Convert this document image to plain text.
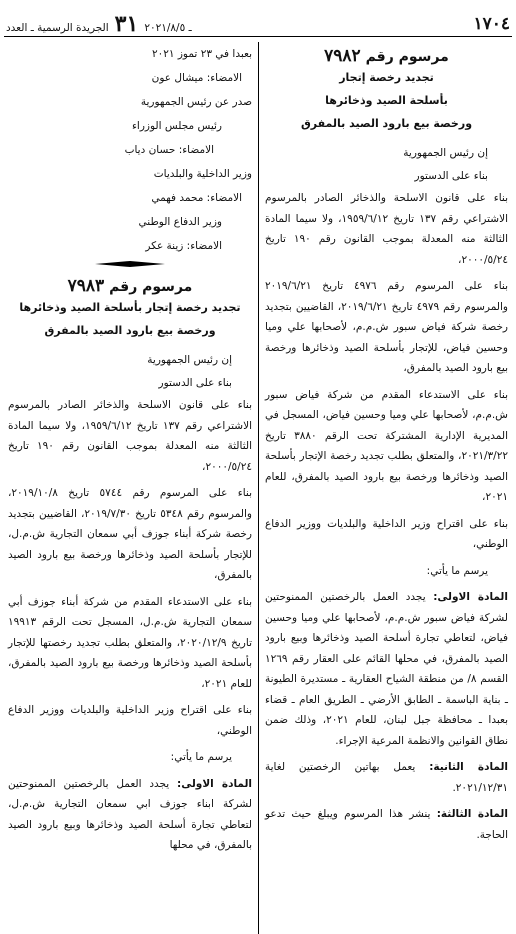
١٧٠٤
ـ ٢٠٢١/٨/٥
٣١
الجريدة الرسمية ـ العدد
مرسوم رقم ٧٩٨٢
تجديد رخصة إتجار
بأسلحة الصيد وذخائرها
ورخصة بيع بارود الصيد بالمفرق
إن رئيس الجمهورية
بناء على الدستور
بناء على قانون الاسلحة والذخائر الصادر بالمرسوم الاشتراعي رقم ١٣٧ تاريخ ١٩٥٩/٦/١٢، ولا سيما المادة الثالثة منه المعدلة بموجب القانون رقم ١٩٠ تاريخ ٢٠٠٠/٥/٢٤،
بناء على المرسوم رقم ٤٩٧٦ تاريخ ٢٠١٩/٦/٢١ والمرسوم رقم ٤٩٧٩ تاريخ ٢٠١٩/٦/٢١، القاضيين بتجديد رخصة شركة فياض سبور ش.م.م، لأصحابها علي وميا وحسين فياض، للإتجار بأسلحة الصيد وذخائرها ورخصة بيع بارود الصيد بالمفرق،
بناء على الاستدعاء المقدم من شركة فياض سبور ش.م.م، لأصحابها علي وميا وحسين فياض، المسجل في المديرية الإدارية المشتركة تحت الرقم ٣٨٨٠ تاريخ ٢٠٢١/٣/٢٢، والمتعلق بطلب تجديد رخصة الإتجار بأسلحة الصيد وذخائرها ورخصة بيع بارود الصيد بالمفرق، للعام ٢٠٢١،
بناء على اقتراح وزير الداخلية والبلديات ووزير الدفاع الوطني،
يرسم ما يأتي:
المادة الاولى: يجدد العمل بالرخصتين الممنوحتين لشركة فياض سبور ش.م.م، لأصحابها علي وميا وحسين فياض، لتعاطي تجارة أسلحة الصيد وذخائرها وبيع بارود الصيد بالمفرق، في محلها القائم على العقار رقم ١٢٦٩ القسم ٨/ من منطقة الشياح العقارية ـ مستديرة الطيونة ـ بناية الباسمة ـ الطابق الأرضي ـ الطريق العام ـ قضاء بعبدا ـ محافظة جبل لبنان، للعام ٢٠٢١، وذلك ضمن نطاق القوانين والانظمة المرعية الإجراء.
المادة الثانية: يعمل بهاتين الرخصتين لغاية ٢٠٢١/١٢/٣١.
المادة الثالثة: ينشر هذا المرسوم ويبلغ حيث تدعو الحاجة.
بعبدا في ٢٣ تموز ٢٠٢١
الامضاء: ميشال عون
صدر عن رئيس الجمهورية
رئيس مجلس الوزراء
الامضاء: حسان دياب
وزير الداخلية والبلديات
الامضاء: محمد فهمي
وزير الدفاع الوطني
الامضاء: زينة عكر
مرسوم رقم ٧٩٨٣
تجديد رخصة إتجار بأسلحة الصيد وذخائرها
ورخصة بيع بارود الصيد بالمفرق
إن رئيس الجمهورية
بناء على الدستور
بناء على قانون الاسلحة والذخائر الصادر بالمرسوم الاشتراعي رقم ١٣٧ تاريخ ١٩٥٩/٦/١٢، ولا سيما المادة الثالثة منه المعدلة بموجب القانون رقم ١٩٠ تاريخ ٢٠٠٠/٥/٢٤،
بناء على المرسوم رقم ٥٧٤٤ تاريخ ٢٠١٩/١٠/٨، والمرسوم رقم ٥٣٤٨ تاريخ ٢٠١٩/٧/٣٠، القاضيين بتجديد رخصة شركة أبناء جوزف أبي سمعان التجارية ش.م.ل، للإتجار بأسلحة الصيد وذخائرها ورخصة بيع بارود الصيد بالمفرق،
بناء على الاستدعاء المقدم من شركة أبناء جوزف أبي سمعان التجارية ش.م.ل، المسجل تحت الرقم ١٩٩١٣ تاريخ ٢٠٢٠/١٢/٩، والمتعلق بطلب تجديد رخصتها للإتجار بأسلحة الصيد وذخائرها ورخصة بيع بارود الصيد بالمفرق، للعام ٢٠٢١،
بناء على اقتراح وزير الداخلية والبلديات ووزير الدفاع الوطني،
يرسم ما يأتي:
المادة الاولى: يجدد العمل بالرخصتين الممنوحتين لشركة ابناء جوزف ابي سمعان التجارية ش.م.ل، لتعاطي تجارة أسلحة الصيد وذخائرها وبيع بارود الصيد بالمفرق، في محلها
